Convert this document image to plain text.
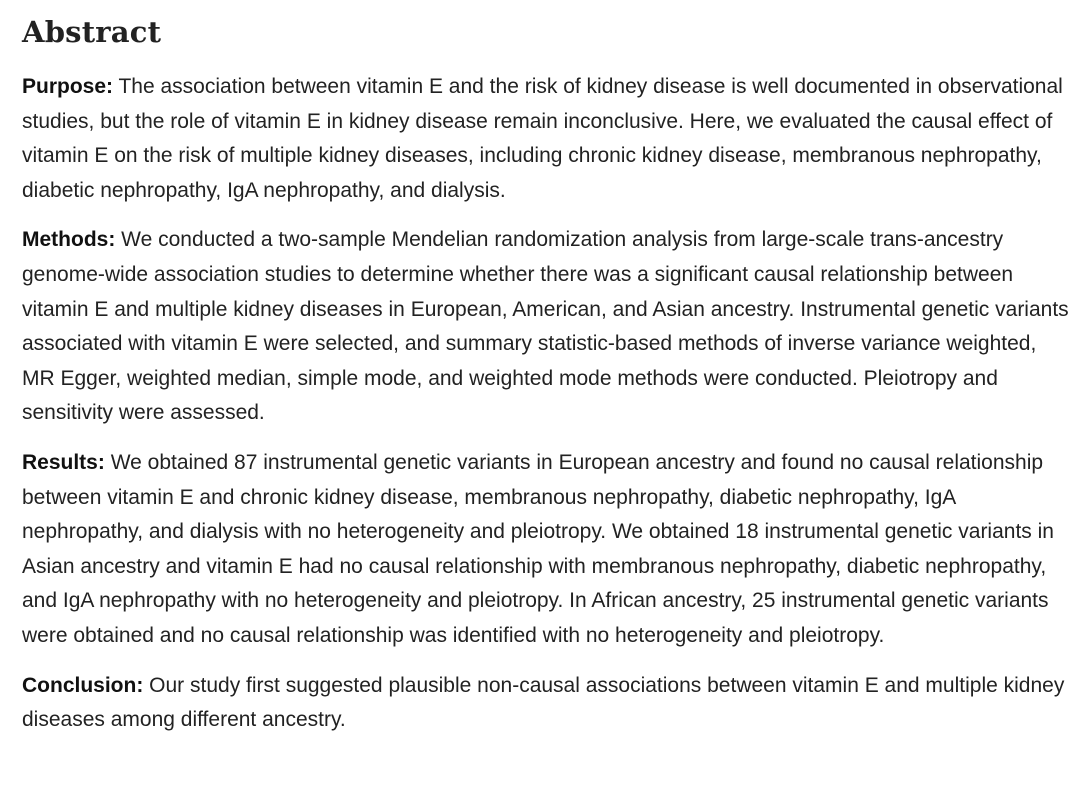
Abstract

Purpose: The association between vitamin E and the risk of kidney disease is well documented in observational studies, but the role of vitamin E in kidney disease remain inconclusive. Here, we evaluated the causal effect of vitamin E on the risk of multiple kidney diseases, including chronic kidney disease, membranous nephropathy, diabetic nephropathy, IgA nephropathy, and dialysis.

Methods: We conducted a two-sample Mendelian randomization analysis from large-scale trans-ancestry genome-wide association studies to determine whether there was a significant causal relationship between vitamin E and multiple kidney diseases in European, American, and Asian ancestry. Instrumental genetic variants associated with vitamin E were selected, and summary statistic-based methods of inverse variance weighted, MR Egger, weighted median, simple mode, and weighted mode methods were conducted. Pleiotropy and sensitivity were assessed.

Results: We obtained 87 instrumental genetic variants in European ancestry and found no causal relationship between vitamin E and chronic kidney disease, membranous nephropathy, diabetic nephropathy, IgA nephropathy, and dialysis with no heterogeneity and pleiotropy. We obtained 18 instrumental genetic variants in Asian ancestry and vitamin E had no causal relationship with membranous nephropathy, diabetic nephropathy, and IgA nephropathy with no heterogeneity and pleiotropy. In African ancestry, 25 instrumental genetic variants were obtained and no causal relationship was identified with no heterogeneity and pleiotropy.

Conclusion: Our study first suggested plausible non-causal associations between vitamin E and multiple kidney diseases among different ancestry.
